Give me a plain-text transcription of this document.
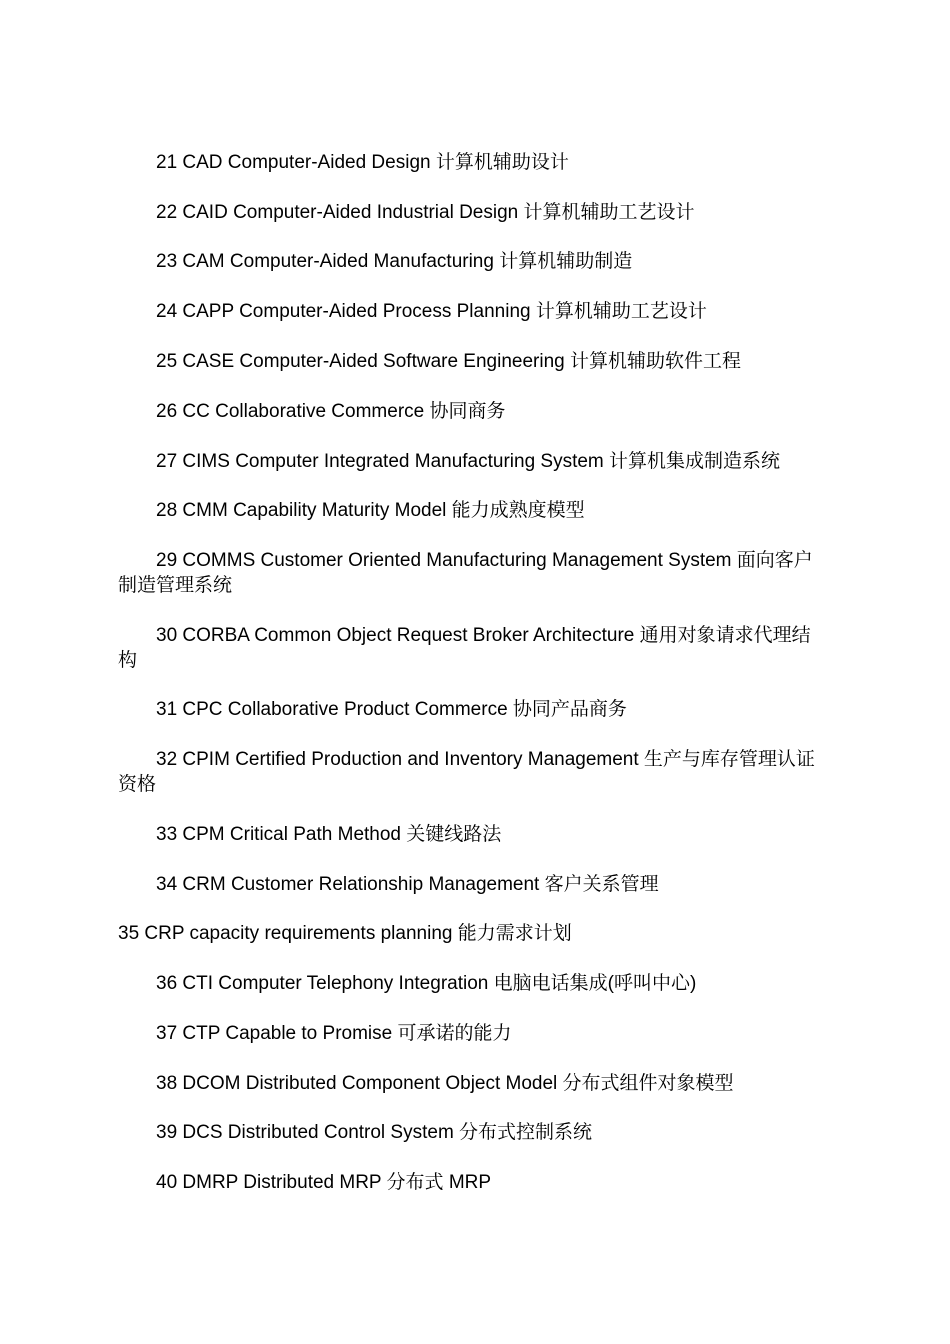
21 CAD Computer-Aided Design 计算机辅助设计

22 CAID Computer-Aided Industrial Design 计算机辅助工艺设计

23 CAM Computer-Aided Manufacturing 计算机辅助制造

24 CAPP Computer-Aided Process Planning 计算机辅助工艺设计

25 CASE Computer-Aided Software Engineering 计算机辅助软件工程

26 CC Collaborative Commerce 协同商务

27 CIMS Computer Integrated Manufacturing System 计算机集成制造系统

28 CMM Capability Maturity Model 能力成熟度模型

29 COMMS Customer Oriented Manufacturing Management System 面向客户制造管理系统

30 CORBA Common Object Request Broker Architecture 通用对象请求代理结构

31 CPC Collaborative Product Commerce 协同产品商务

32 CPIM Certified Production and Inventory Management 生产与库存管理认证资格

33 CPM Critical Path Method 关键线路法

34 CRM Customer Relationship Management 客户关系管理

35 CRP capacity requirements planning 能力需求计划

36 CTI Computer Telephony Integration 电脑电话集成(呼叫中心)

37 CTP Capable to Promise 可承诺的能力

38 DCOM Distributed Component Object Model 分布式组件对象模型

39 DCS Distributed Control System 分布式控制系统

40 DMRP Distributed MRP 分布式 MRP
